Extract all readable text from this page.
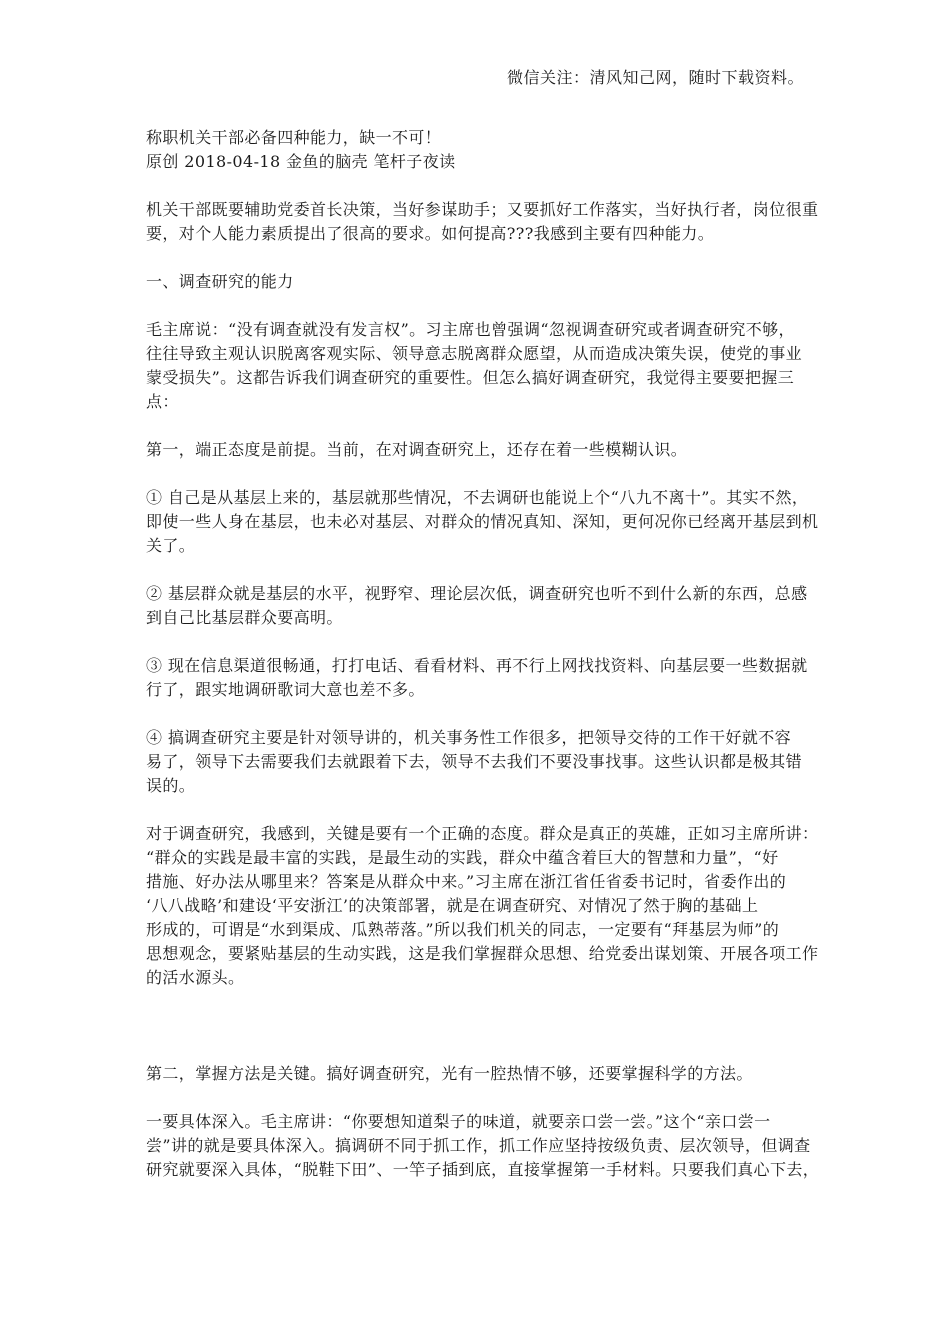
微信关注：清风知己网，随时下载资料。
称职机关干部必备四种能力，缺一不可！
原创 2018-04-18 金鱼的脑壳 笔杆子夜读
机关干部既要辅助党委首长决策，当好参谋助手；又要抓好工作落实，当好执行者，岗位很重
要，对个人能力素质提出了很高的要求。如何提高???我感到主要有四种能力。
一、调查研究的能力
毛主席说：“没有调查就没有发言权”。习主席也曾强调“忽视调查研究或者调查研究不够，
往往导致主观认识脱离客观实际、领导意志脱离群众愿望，从而造成决策失误，使党的事业
蒙受损失”。这都告诉我们调查研究的重要性。但怎么搞好调查研究，我觉得主要要把握三
点：
第一，端正态度是前提。当前，在对调查研究上，还存在着一些模糊认识。
① 自己是从基层上来的，基层就那些情况，不去调研也能说上个“八九不离十”。其实不然，
即使一些人身在基层，也未必对基层、对群众的情况真知、深知，更何况你已经离开基层到机
关了。
② 基层群众就是基层的水平，视野窄、理论层次低，调查研究也听不到什么新的东西，总感
到自己比基层群众要高明。
③ 现在信息渠道很畅通，打打电话、看看材料、再不行上网找找资料、向基层要一些数据就
行了，跟实地调研歌词大意也差不多。
④ 搞调查研究主要是针对领导讲的，机关事务性工作很多，把领导交待的工作干好就不容
易了，领导下去需要我们去就跟着下去，领导不去我们不要没事找事。这些认识都是极其错
误的。
对于调查研究，我感到，关键是要有一个正确的态度。群众是真正的英雄，正如习主席所讲：
“群众的实践是最丰富的实践，是最生动的实践，群众中蕴含着巨大的智慧和力量”，“好
措施、好办法从哪里来？答案是从群众中来。”习主席在浙江省任省委书记时，省委作出的
‘八八战略’和建设‘平安浙江’的决策部署，就是在调查研究、对情况了然于胸的基础上
形成的，可谓是“水到渠成、瓜熟蒂落。”所以我们机关的同志，一定要有“拜基层为师”的
思想观念，要紧贴基层的生动实践，这是我们掌握群众思想、给党委出谋划策、开展各项工作
的活水源头。
第二，掌握方法是关键。搞好调查研究，光有一腔热情不够，还要掌握科学的方法。
一要具体深入。毛主席讲：“你要想知道梨子的味道，就要亲口尝一尝。”这个“亲口尝一
尝”讲的就是要具体深入。搞调研不同于抓工作，抓工作应坚持按级负责、层次领导，但调查
研究就要深入具体，“脱鞋下田”、一竿子插到底，直接掌握第一手材料。只要我们真心下去，
